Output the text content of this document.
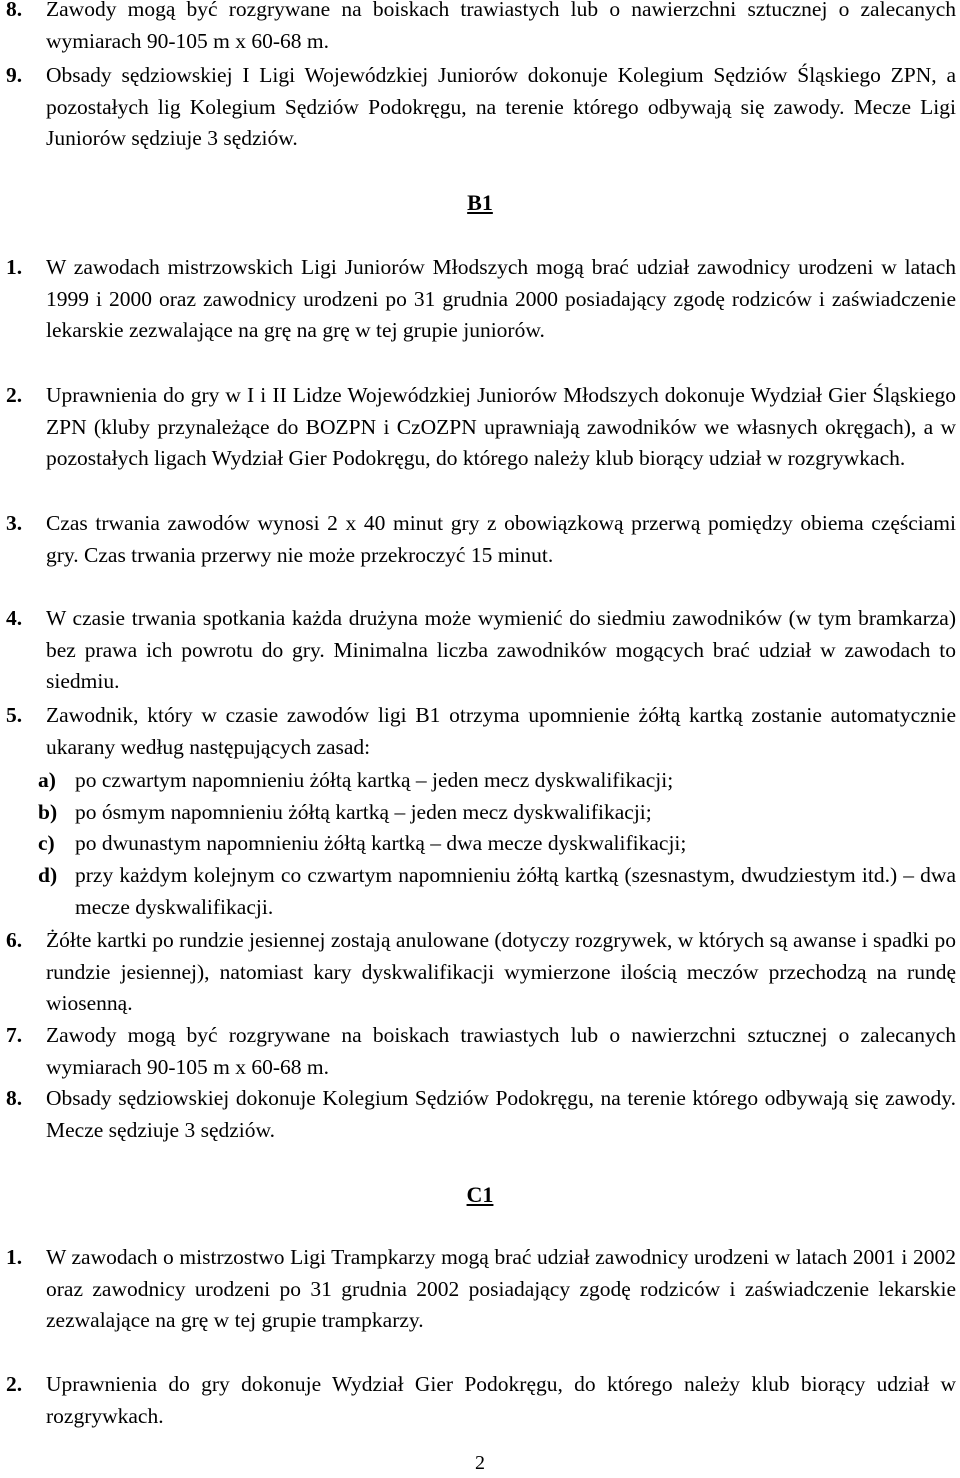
8. Zawody mogą być rozgrywane na boiskach trawiastych lub o nawierzchni sztucznej o zalecanych wymiarach 90-105 m x 60-68 m.
9. Obsady sędziowskiej I Ligi Wojewódzkiej Juniorów dokonuje Kolegium Sędziów Śląskiego ZPN, a pozostałych lig Kolegium Sędziów Podokręgu, na terenie którego odbywają się zawody. Mecze Ligi Juniorów sędziuje 3 sędziów.
B1
1. W zawodach mistrzowskich Ligi Juniorów Młodszych mogą brać udział zawodnicy urodzeni w latach 1999 i 2000 oraz zawodnicy urodzeni po 31 grudnia 2000 posiadający zgodę rodziców i zaświadczenie lekarskie zezwalające na grę na grę w tej grupie juniorów.
2. Uprawnienia do gry w I i II Lidze Wojewódzkiej Juniorów Młodszych dokonuje Wydział Gier Śląskiego ZPN (kluby przynależące do BOZPN i CzOZPN uprawniają zawodników we własnych okręgach), a w pozostałych ligach Wydział Gier Podokręgu, do którego należy klub biorący udział w rozgrywkach.
3. Czas trwania zawodów wynosi 2 x 40 minut gry z obowiązkową przerwą pomiędzy obiema częściami gry. Czas trwania przerwy nie może przekroczyć 15 minut.
4. W czasie trwania spotkania każda drużyna może wymienić do siedmiu zawodników (w tym bramkarza) bez prawa ich powrotu do gry. Minimalna liczba zawodników mogących brać udział w zawodach to siedmiu.
5. Zawodnik, który w czasie zawodów ligi B1 otrzyma upomnienie żółtą kartką zostanie automatycznie ukarany według następujących zasad:
a) po czwartym napomnieniu żółtą kartką – jeden mecz dyskwalifikacji;
b) po ósmym napomnieniu żółtą kartką – jeden mecz dyskwalifikacji;
c) po dwunastym napomnieniu żółtą kartką – dwa mecze dyskwalifikacji;
d) przy każdym kolejnym co czwartym napomnieniu żółtą kartką (szesnastym, dwudziestym itd.) – dwa mecze dyskwalifikacji.
6. Żółte kartki po rundzie jesiennej zostają anulowane (dotyczy rozgrywek, w których są awanse i spadki po rundzie jesiennej), natomiast kary dyskwalifikacji wymierzone ilością meczów przechodzą na rundę wiosenną.
7. Zawody mogą być rozgrywane na boiskach trawiastych lub o nawierzchni sztucznej o zalecanych wymiarach 90-105 m x 60-68 m.
8. Obsady sędziowskiej dokonuje Kolegium Sędziów Podokręgu, na terenie którego odbywają się zawody. Mecze sędziuje 3 sędziów.
C1
1. W zawodach o mistrzostwo Ligi Trampkarzy mogą brać udział zawodnicy urodzeni w latach 2001 i 2002 oraz zawodnicy urodzeni po 31 grudnia 2002 posiadający zgodę rodziców i zaświadczenie lekarskie zezwalające na grę w tej grupie trampkarzy.
2. Uprawnienia do gry dokonuje Wydział Gier Podokręgu, do którego należy klub biorący udział w rozgrywkach.
2
